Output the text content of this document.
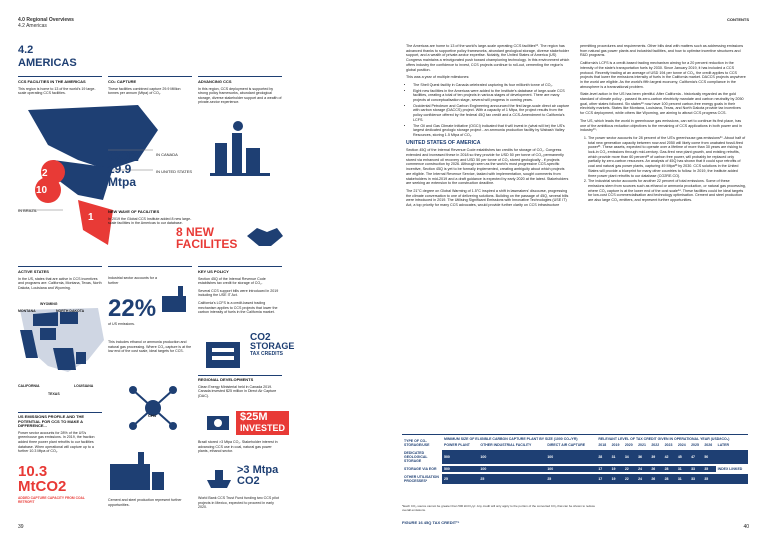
4.0 Regional Overviews
4.2 Americas
4.2
AMERICAS
CCS FACILITIES IN THE AMERICAS
This region is home to 13 of the world's 19 large-scale operating CCS facilities.
2
10
1
IN CANADA
IN UNITED STATES
IN BRAZIL
CO₂ CAPTURE
These facilities combined capture 29.9 Million tonnes per annum (Mtpa) of CO₂.
CO2
29.9
Mtpa
ADVANCING CCS
In this region, CCS deployment is supported by strong policy frameworks, abundant geological storage, diverse stakeholder support and a wealth of private-sector experience.
NEW WAVE OF FACILITIES
In 2019 the Global CCS Institute added 8 new large-scale facilities in the Americas to our database.
8 NEW FACILITES
ACTIVE STATES
In the US, states that are active in CCS incentives and programs are: California, Montana, Texas, North Dakota, Louisiana and Wyoming.
WYOMING
MONTANA	NORTH DAKOTA
CALIFORNIA
TEXAS
LOUISIANA
Industrial sector accounts for a further
22%
of US emissions.
This includes ethanol or ammonia production and natural gas processing. Where CO₂ capture is at the low end of the cost scale, ideal targets for CCS.
CH4
US EMISSIONS PROFILE AND THE POTENTIAL FOR CCS TO MAKE A DIFFERENCE...
Power sector accounts for 28% of the US's greenhouse gas emissions. In 2019, the fraction added three power plant retrofits to our facilities database. When operational will capture up to a further 10.3 Mtpa of CO₂.
10.3
MtCO2
ADDED CAPTURE CAPACITY FROM COAL RETROFIT	Cement and steel production represent further opportunities.
KEY US POLICY

Section 45Q of the Internal Revenue Code establishes tax credit for storage of CO₂.

Several CCS support bills were introduced in 2019 including the USE IT Act.

California's LCFS is a credit-based trading mechanism applies to CCS projects that lower the carbon intensity of fuels in the California market.

CO2
STORAGE
TAX CREDITS
REGIONAL DEVELOPMENTS
Clean Energy Ministerial held in Canada 2019. Canada invested $25 million in Direct Air Capture (DAC).
$25M
INVESTED
Brazil stored >3 Mtpa CO₂. Stakeholder interest in advancing CCS use in coal, natural gas power plants, ethanol sector.
>3 Mtpa
CO2
World Bank CCS Trust Fund funding two CCS pilot projects in Mexico, expected to proceed in early 2020.
39
CONTENTS

The Americas are home to 13 of the world's large-scale operating CCS facilities¹⁶. The region has advanced thanks to supportive policy frameworks, abundant geological storage, diverse stakeholder support, and a wealth of private-sector expertise. Notably, the United States of America (US) Congress maintains a reinvigorated push toward championing technology. In this environment which offers industry the confidence to invest, CCS projects continue to roll-out, cementing the region's global position.

This was a year of multiple milestones:

• The Shell Quest facility in Canada celebrated capturing its four millionth tonne of CO₂.
• Eight new facilities in the Americas were added to the Institute's database of large-scale CCS facilities, creating a total of ten projects in various stages of development. There are many projects at conceptualisation stage, several will progress in coming years.
• Occidental Petroleum and Carbon Engineering announced the first large-scale direct air capture with carbon storage (DACCS) project. With a capacity of 1 Mtpa, the project results from the policy confidence offered by the federal 45Q tax credit and a CCS-Amendment to California's LCFS.
• The Oil and Gas Climate Initiative (OGCI) indicated that it will invest in (what will be) the US's largest dedicated geologic storage project - an ammonia production facility by Wabash Valley Resources, storing 1.5 Mtpa of CO₂.
UNITED STATES OF AMERICA

Section 45Q of the Internal Revenue Code establishes tax credits for storage of CO₂. Congress extended and increased these in 2018 so they provide for USD 50 per tonne of CO₂ permanently stored via enhanced oil recovery and USD 50 per tonne of CO₂ stored geologically - if projects commence construction by 2026. Although seen as the world's most progressive CCS-specific incentive, Section 45Q is yet to be formally implemented, creating ambiguity about which projects are eligible. The Internal Revenue Service, tasked with implementation, sought comments from stakeholders in mid-2019 and a draft guidance is expected by early 2020 at the latest. Stakeholders are seeking an extension to the construction deadline.

The 21°C degree on Global Warming of 1.5°C inspired a shift in lawmakers' discourse, progressing the climate conversation to one of delivering solutions. Building on the passage of 45Q, several bills were introduced in 2019. The Utilising Significant Emissions with Innovative Technologies (USE IT) Act, a top priority for many CCS advocates, would provide further clarity on CCS infrastructure

permitting procedures and requirements. Other bills deal with matters such as addressing emissions from natural gas power plants and industrial facilities, and how to optimise incentive structures and R&D programs.

California's LCFS is a credit-based trading mechanism aiming for a 20 percent reduction in the intensity of the state's transportation fuels by 2030. Since January 2019, it has included a CCS protocol. Recently trading at an average of USD 194 per tonne of CO₂, the credit applies to CCS projects that lower the emissions intensity of fuels in the California market. DACCS projects anywhere in the world are eligible. As the world's fifth largest economy, California's CCS compliance in the atmosphere is a transnational problem.

State-level action in the US has been plentiful. After California - historically regarded as the gold standard of climate policy - passed its zero-carbon electricity mandate and carbon neutrality by 2050 goal, other states followed. Six states¹⁸ now have 100 percent carbon-free energy goals in their electricity markets. States like Montana, Louisiana, Texas, and North Dakota provide tax incentives for CCS deployment, while others like Wyoming, are aiming to attract CCS progress CCS.

The US, which leads the world in greenhouse gas emissions, can set to continue its first place, has one of the ambitious reduction objectives to the remaining of CCS applications in both power and in industry¹⁹:

1. The power sector accounts for 28 percent of the US's greenhouse gas emissions²⁰. About half of total new generation capacity between now and 2050 will likely come from unabated fossil-fired power²¹. These assets, expected to operate over a lifetime of more than 30 years are risking to lock-in CO₂ emissions through mid-century. Gas-fired new plant growth, and existing retrofits, which provide more than 60 percent²² of carbon free power, will probably be replaced only partially by zero-carbon resources. An analysis of 45Q has shown that it could spur retrofits of coal and natural gas power plants, capturing 49 Mtpa²³ by 2030. CCS solutions in the United States will provide a blueprint for many other countries to follow. In 2019, the Institute added three power plant retrofits to our database (CO2RE.CO).
2. The industrial sector accounts for another 22 percent of total emissions. Some of these emissions stem from sources such as ethanol or ammonia production, or natural gas processing, where CO₂ capture is at the lower end of the cost scale²⁴. These facilities could be ideal targets for low-cost CCS commercialisation and technology optimisation. Cement and steel production are also large CO₂ emitters, and represent further opportunities.
TYPE OF CO₂ STORAGE/USE	MINIMUM SIZE OF ELIGIBLE CARBON CAPTURE PLANT BY SIZE (1000 CO₂/YR)			RELEVANT LEVEL OF TAX CREDIT GIVEN IN OPERATIONAL YEAR (USD/tCO₂)									
	POWER PLANT	OTHER INDUSTRIAL FACILITY	DIRECT AIR CAPTURE	2018	2019	2020	2021	2022	2023	2024	2025	2026	LATER
DEDICATED GEOLOGICAL STORAGE	500	100	100	28	31	34	36	39	42	45	47	50	
STORAGE VIA EOR	500	100	100	17	19	22	24	26	28	31	33	35	INDEX LINKED
OTHER UTILISATION PROCESSES*	25	25	25	17	19	22	24	26	28	31	33	35	
*Each CO₂ source cannot be greater than 500 ktCO₂/yr. Any credit will only apply to the portion of the converted CO₂ that can be shown to reduce overall emissions.
FIGURE 16 45Q TAX CREDIT²⁵
40
